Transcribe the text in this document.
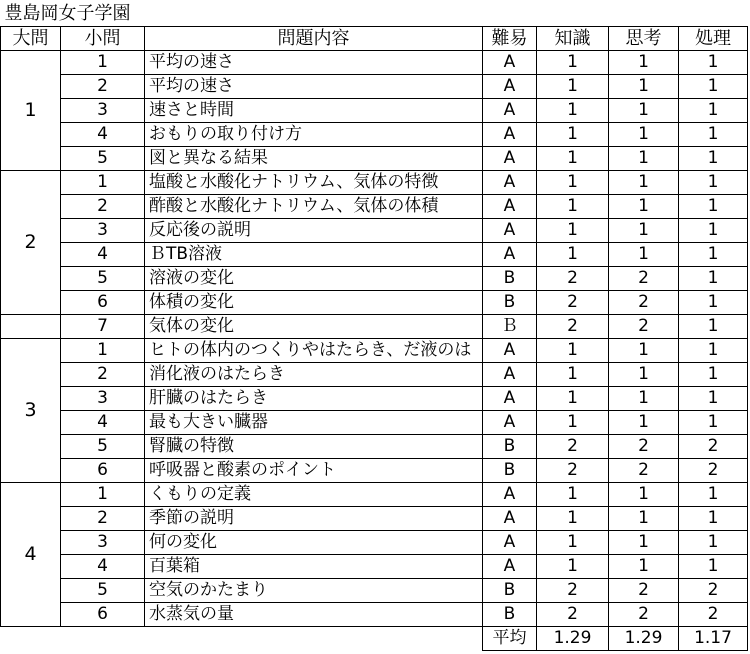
豊島岡女子学園						
大問	小問	問題内容	難易	知識	思考	処理
1	1	平均の速さ	A	1	1	1
	2	平均の速さ	A	1	1	1
	3	速さと時間	A	1	1	1
	4	おもりの取り付け方	A	1	1	1
	5	図と異なる結果	A	1	1	1
2	1	塩酸と水酸化ナトリウム、気体の特徴	A	1	1	1
	2	酢酸と水酸化ナトリウム、気体の体積	A	1	1	1
	3	反応後の説明	A	1	1	1
	4	ＢTB溶液	A	1	1	1
	5	溶液の変化	B	2	2	1
	6	体積の変化	B	2	2	1
	7	気体の変化	Ｂ	2	2	1
3	1	ヒトの体内のつくりやはたらき、だ液のは	A	1	1	1
	2	消化液のはたらき	A	1	1	1
	3	肝臓のはたらき	A	1	1	1
	4	最も大きい臓器	A	1	1	1
	5	腎臓の特徴	B	2	2	2
	6	呼吸器と酸素のポイント	B	2	2	2
4	1	くもりの定義	A	1	1	1
	2	季節の説明	A	1	1	1
	3	何の変化	A	1	1	1
	4	百葉箱	A	1	1	1
	5	空気のかたまり	B	2	2	2
	6	水蒸気の量	B	2	2	2
			平均	1.29	1.29	1.17
